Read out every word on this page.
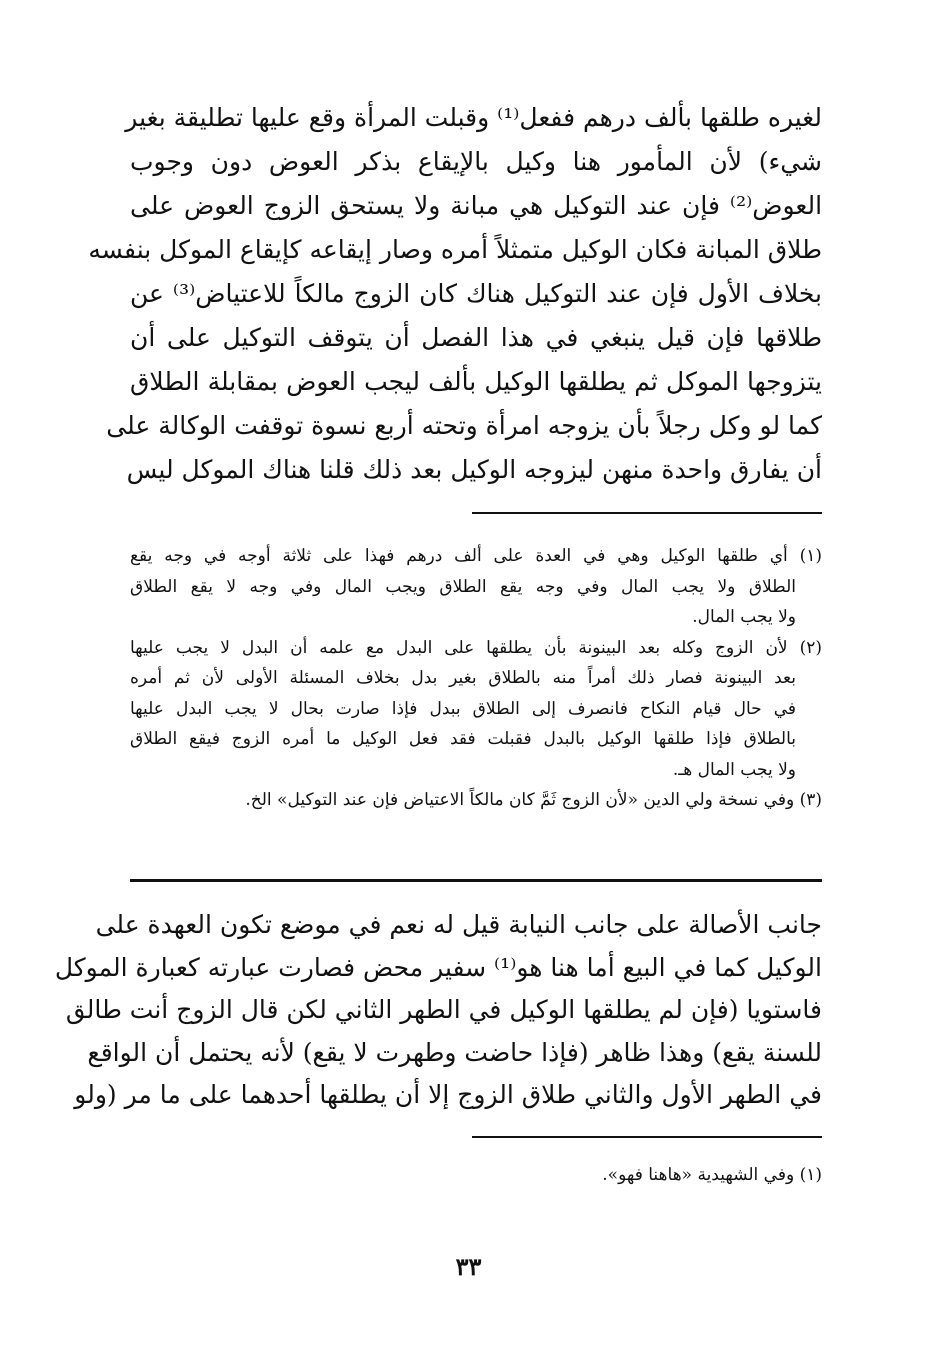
لغيره طلقها بألف درهم ففعل⁽¹⁾ وقبلت المرأة وقع عليها تطليقة بغير
شيء) لأن المأمور هنا وكيل بالإيقاع بذكر العوض دون وجوب
العوض⁽²⁾ فإن عند التوكيل هي مبانة ولا يستحق الزوج العوض على
طلاق المبانة فكان الوكيل متمثلاً أمره وصار إيقاعه كإيقاع الموكل بنفسه
بخلاف الأول فإن عند التوكيل هناك كان الزوج مالكاً للاعتياض⁽³⁾ عن
طلاقها فإن قيل ينبغي في هذا الفصل أن يتوقف التوكيل على أن
يتزوجها الموكل ثم يطلقها الوكيل بألف ليجب العوض بمقابلة الطلاق
كما لو وكل رجلاً بأن يزوجه امرأة وتحته أربع نسوة توقفت الوكالة على
أن يفارق واحدة منهن ليزوجه الوكيل بعد ذلك قلنا هناك الموكل ليس
(١) أي طلقها الوكيل وهي في العدة على ألف درهم فهذا على ثلاثة أوجه في وجه يقع
الطلاق ولا يجب المال وفي وجه يقع الطلاق ويجب المال وفي وجه لا يقع الطلاق
ولا يجب المال.
(٢) لأن الزوج وكله بعد البينونة بأن يطلقها على البدل مع علمه أن البدل لا يجب عليها
بعد البينونة فصار ذلك أمراً منه بالطلاق بغير بدل بخلاف المسئلة الأولى لأن ثم أمره
في حال قيام النكاح فانصرف إلى الطلاق ببدل فإذا صارت بحال لا يجب البدل عليها
بالطلاق فإذا طلقها الوكيل بالبدل فقبلت فقد فعل الوكيل ما أمره الزوج فيقع الطلاق
ولا يجب المال هـ.
(٣) وفي نسخة ولي الدين «لأن الزوج ثَمَّ كان مالكاً الاعتياض فإن عند التوكيل» الخ.
جانب الأصالة على جانب النيابة قيل له نعم في موضع تكون العهدة على
الوكيل كما في البيع أما هنا هو⁽¹⁾ سفير محض فصارت عبارته كعبارة الموكل
فاستويا (فإن لم يطلقها الوكيل في الطهر الثاني لكن قال الزوج أنت طالق
للسنة يقع) وهذا ظاهر (فإذا حاضت وطهرت لا يقع) لأنه يحتمل أن الواقع
في الطهر الأول والثاني طلاق الزوج إلا أن يطلقها أحدهما على ما مر (ولو
(١) وفي الشهيدية «هاهنا فهو».
٣٣
